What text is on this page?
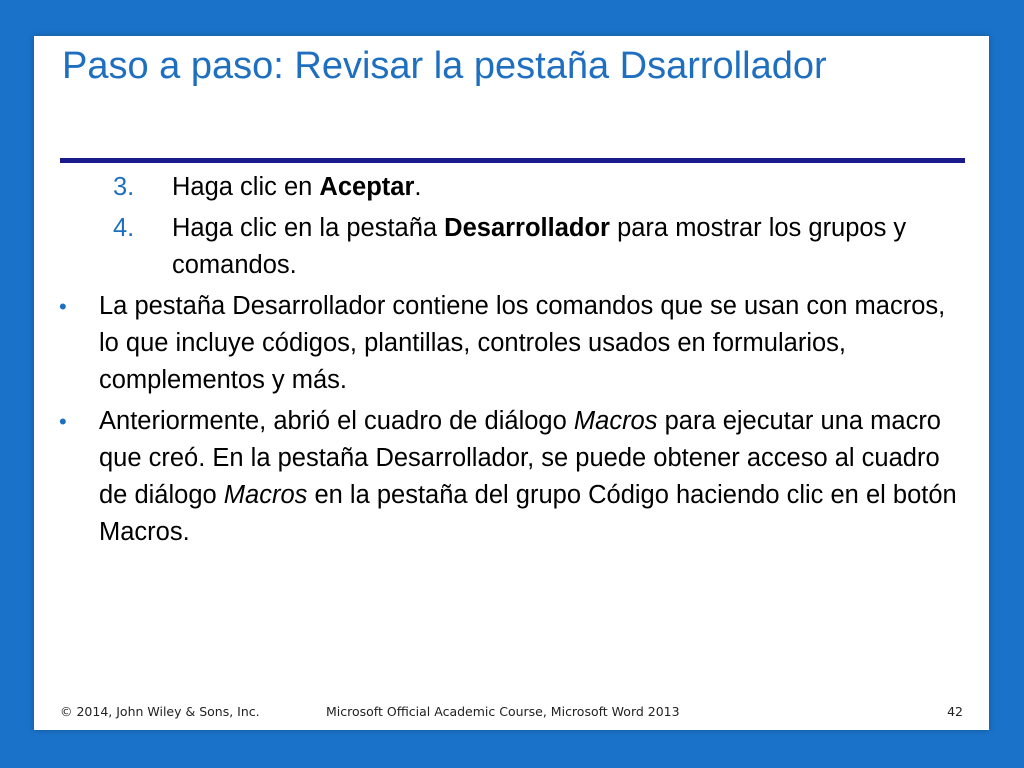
Paso a paso: Revisar la pestaña Dsarrollador
3. Haga clic en Aceptar.
4. Haga clic en la pestaña Desarrollador para mostrar los grupos y comandos.
• La pestaña Desarrollador contiene los comandos que se usan con macros, lo que incluye códigos, plantillas, controles usados en formularios, complementos y más.
• Anteriormente, abrió el cuadro de diálogo Macros para ejecutar una macro que creó. En la pestaña Desarrollador, se puede obtener acceso al cuadro de diálogo Macros en la pestaña del grupo Código haciendo clic en el botón Macros.
© 2014, John Wiley & Sons, Inc.	Microsoft Official Academic Course, Microsoft Word 2013	42
